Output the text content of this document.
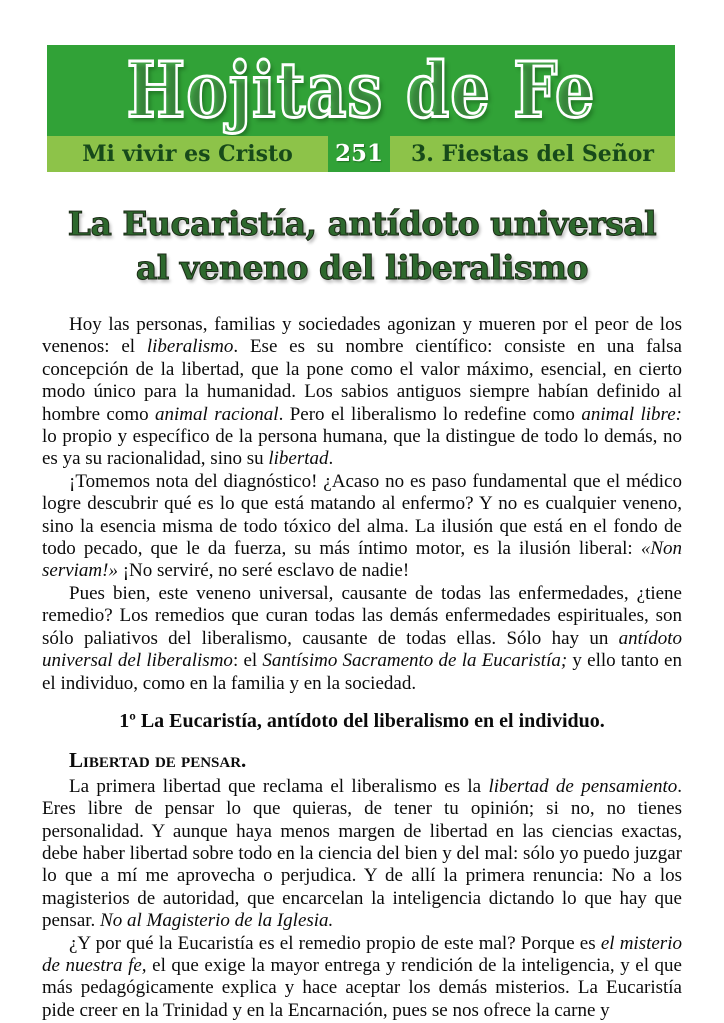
Hojitas de Fe
Mi vivir es Cristo	251	3. Fiestas del Señor
La Eucaristía, antídoto universal
al veneno del liberalismo

Hoy las personas, familias y sociedades agonizan y mueren por el peor de los venenos: el liberalismo. Ese es su nombre científico: consiste en una falsa concepción de la libertad, que la pone como el valor máximo, esencial, en cierto modo único para la humanidad. Los sabios antiguos siempre habían definido al hombre como animal racional. Pero el liberalismo lo redefine como animal libre: lo propio y específico de la persona humana, que la distingue de todo lo demás, no es ya su racionalidad, sino su libertad.

¡Tomemos nota del diagnóstico! ¿Acaso no es paso fundamental que el médico logre descubrir qué es lo que está matando al enfermo? Y no es cualquier veneno, sino la esencia misma de todo tóxico del alma. La ilusión que está en el fondo de todo pecado, que le da fuerza, su más íntimo motor, es la ilusión liberal: «Non serviam!» ¡No serviré, no seré esclavo de nadie!

Pues bien, este veneno universal, causante de todas las enfermedades, ¿tiene remedio? Los remedios que curan todas las demás enfermedades espirituales, son sólo paliativos del liberalismo, causante de todas ellas. Sólo hay un antídoto universal del liberalismo: el Santísimo Sacramento de la Eucaristía; y ello tanto en el individuo, como en la familia y en la sociedad.

1º La Eucaristía, antídoto del liberalismo en el individuo.
Libertad de pensar.

La primera libertad que reclama el liberalismo es la libertad de pensamiento. Eres libre de pensar lo que quieras, de tener tu opinión; si no, no tienes personalidad. Y aunque haya menos margen de libertad en las ciencias exactas, debe haber libertad sobre todo en la ciencia del bien y del mal: sólo yo puedo juzgar lo que a mí me aprovecha o perjudica. Y de allí la primera renuncia: No a los magisterios de autoridad, que encarcelan la inteligencia dictando lo que hay que pensar. No al Magisterio de la Iglesia.

¿Y por qué la Eucaristía es el remedio propio de este mal? Porque es el misterio de nuestra fe, el que exige la mayor entrega y rendición de la inteligencia, y el que más pedagógicamente explica y hace aceptar los demás misterios. La Eucaristía pide creer en la Trinidad y en la Encarnación, pues se nos ofrece la carne y
